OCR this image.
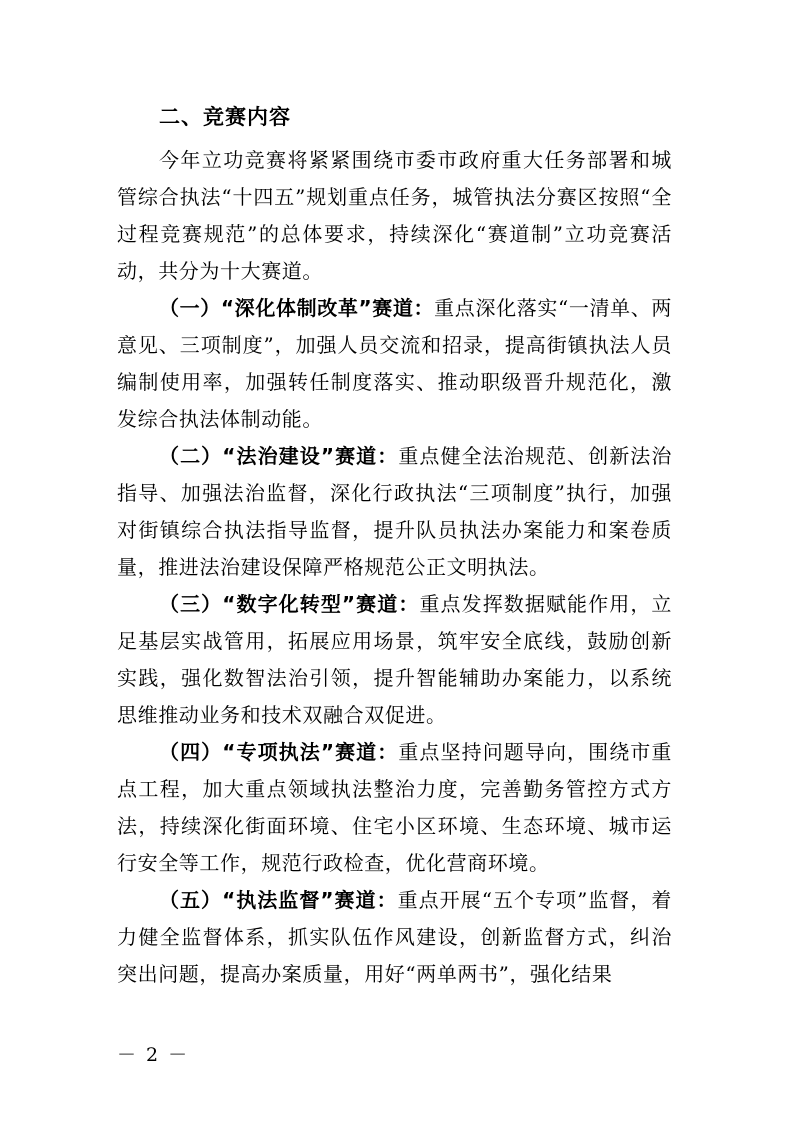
二、竞赛内容

今年立功竞赛将紧紧围绕市委市政府重大任务部署和城管综合执法“十四五”规划重点任务，城管执法分赛区按照“全过程竞赛规范”的总体要求，持续深化“赛道制”立功竞赛活动，共分为十大赛道。

（一）“深化体制改革”赛道：重点深化落实“一清单、两意见、三项制度”，加强人员交流和招录，提高街镇执法人员编制使用率，加强转任制度落实、推动职级晋升规范化，激发综合执法体制动能。

（二）“法治建设”赛道：重点健全法治规范、创新法治指导、加强法治监督，深化行政执法“三项制度”执行，加强对街镇综合执法指导监督，提升队员执法办案能力和案卷质量，推进法治建设保障严格规范公正文明执法。

（三）“数字化转型”赛道：重点发挥数据赋能作用，立足基层实战管用，拓展应用场景，筑牢安全底线，鼓励创新实践，强化数智法治引领，提升智能辅助办案能力，以系统思维推动业务和技术双融合双促进。

（四）“专项执法”赛道：重点坚持问题导向，围绕市重点工程，加大重点领域执法整治力度，完善勤务管控方式方法，持续深化街面环境、住宅小区环境、生态环境、城市运行安全等工作，规范行政检查，优化营商环境。

（五）“执法监督”赛道：重点开展“五个专项”监督，着力健全监督体系，抓实队伍作风建设，创新监督方式，纠治突出问题，提高办案质量，用好“两单两书”，强化结果

－ 2 －
